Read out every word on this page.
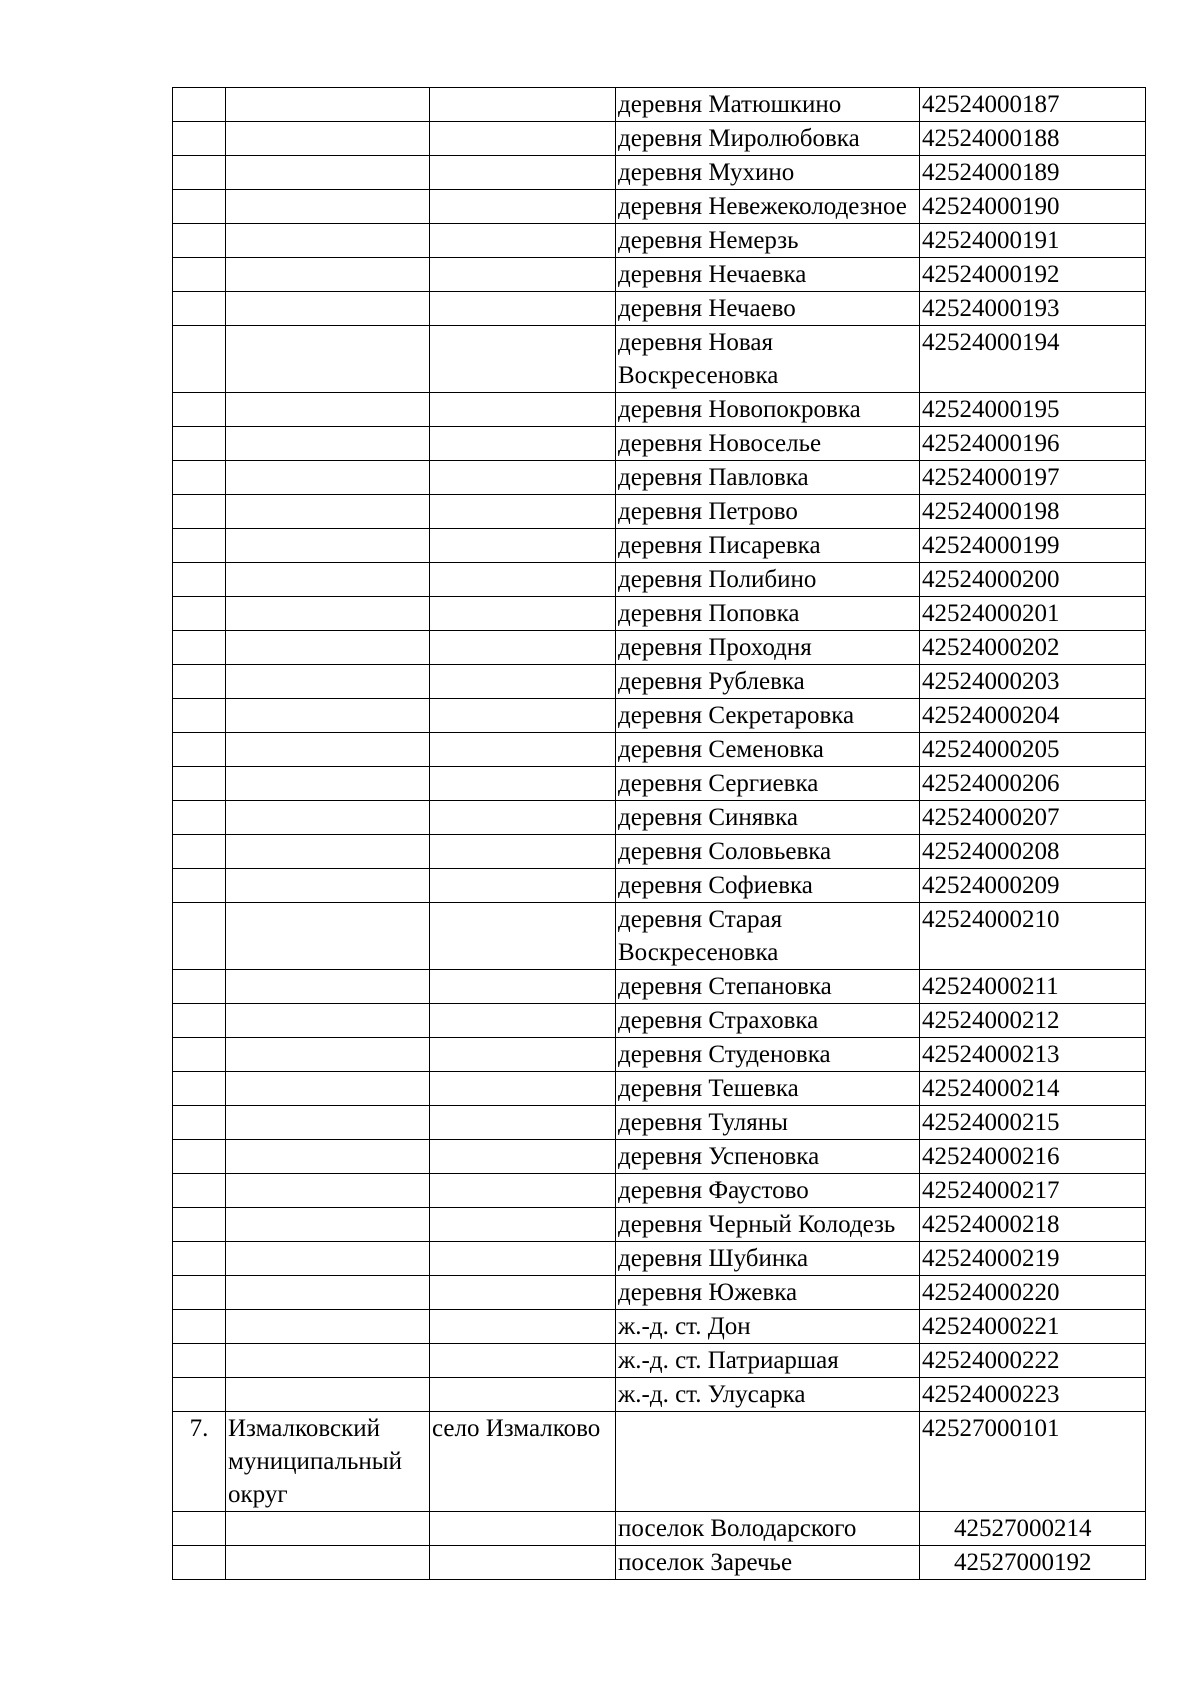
			деревня Матюшкино	42524000187
			деревня Миролюбовка	42524000188
			деревня Мухино	42524000189
			деревня Невежеколодезное	42524000190
			деревня Немерзь	42524000191
			деревня Нечаевка	42524000192
			деревня Нечаево	42524000193
			деревня Новая Воскресеновка	42524000194
			деревня Новопокровка	42524000195
			деревня Новоселье	42524000196
			деревня Павловка	42524000197
			деревня Петрово	42524000198
			деревня Писаревка	42524000199
			деревня Полибино	42524000200
			деревня Поповка	42524000201
			деревня Проходня	42524000202
			деревня Рублевка	42524000203
			деревня Секретаровка	42524000204
			деревня Семеновка	42524000205
			деревня Сергиевка	42524000206
			деревня Синявка	42524000207
			деревня Соловьевка	42524000208
			деревня Софиевка	42524000209
			деревня Старая Воскресеновка	42524000210
			деревня Степановка	42524000211
			деревня Страховка	42524000212
			деревня Студеновка	42524000213
			деревня Тешевка	42524000214
			деревня Туляны	42524000215
			деревня Успеновка	42524000216
			деревня Фаустово	42524000217
			деревня Черный Колодезь	42524000218
			деревня Шубинка	42524000219
			деревня Южевка	42524000220
			ж.-д. ст. Дон	42524000221
			ж.-д. ст. Патриаршая	42524000222
			ж.-д. ст. Улусарка	42524000223
7.	Измалковский муниципальный округ	село Измалково		42527000101
			поселок Володарского	42527000214
			поселок Заречье	42527000192
